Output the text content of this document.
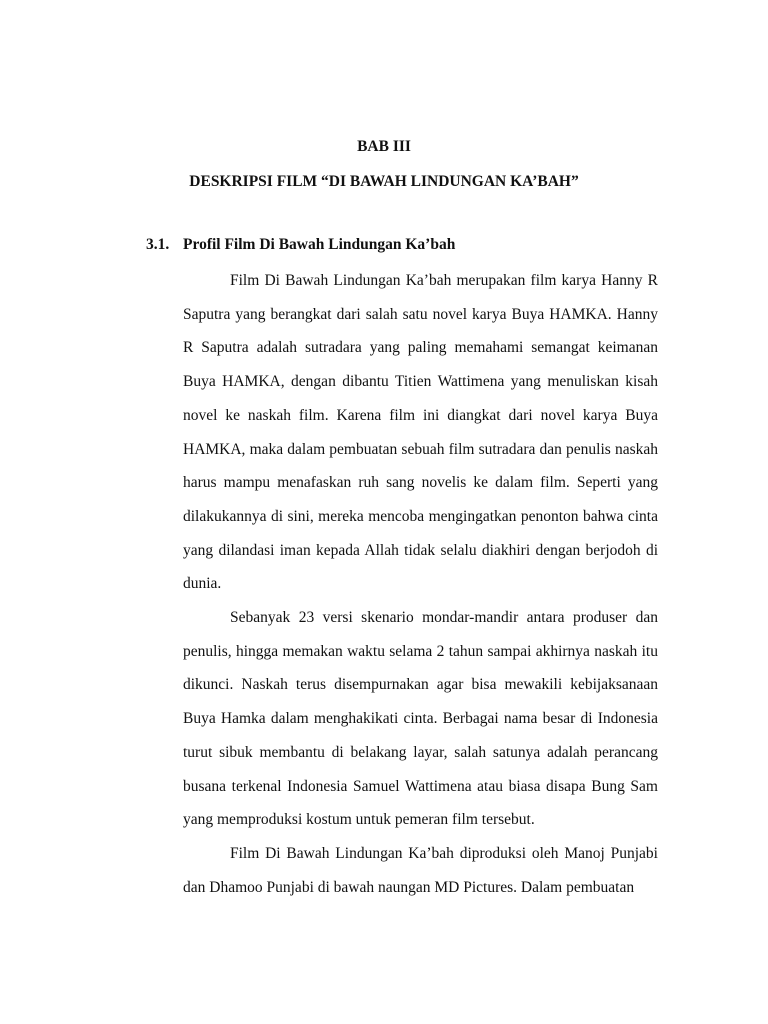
BAB III
DESKRIPSI FILM “DI BAWAH LINDUNGAN KA’BAH”
3.1. Profil Film Di Bawah Lindungan Ka’bah

Film Di Bawah Lindungan Ka’bah merupakan film karya Hanny R Saputra yang berangkat dari salah satu novel karya Buya HAMKA. Hanny R Saputra adalah sutradara yang paling memahami semangat keimanan Buya HAMKA, dengan dibantu Titien Wattimena yang menuliskan kisah novel ke naskah film. Karena film ini diangkat dari novel karya Buya HAMKA, maka dalam pembuatan sebuah film sutradara dan penulis naskah harus mampu menafaskan ruh sang novelis ke dalam film. Seperti yang dilakukannya di sini, mereka mencoba mengingatkan penonton bahwa cinta yang dilandasi iman kepada Allah tidak selalu diakhiri dengan berjodoh di dunia.

Sebanyak 23 versi skenario mondar-mandir antara produser dan penulis, hingga memakan waktu selama 2 tahun sampai akhirnya naskah itu dikunci. Naskah terus disempurnakan agar bisa mewakili kebijaksanaan Buya Hamka dalam menghakikati cinta. Berbagai nama besar di Indonesia turut sibuk membantu di belakang layar, salah satunya adalah perancang busana terkenal Indonesia Samuel Wattimena atau biasa disapa Bung Sam yang memproduksi kostum untuk pemeran film tersebut.

Film Di Bawah Lindungan Ka’bah diproduksi oleh Manoj Punjabi dan Dhamoo Punjabi di bawah naungan MD Pictures. Dalam pembuatan
